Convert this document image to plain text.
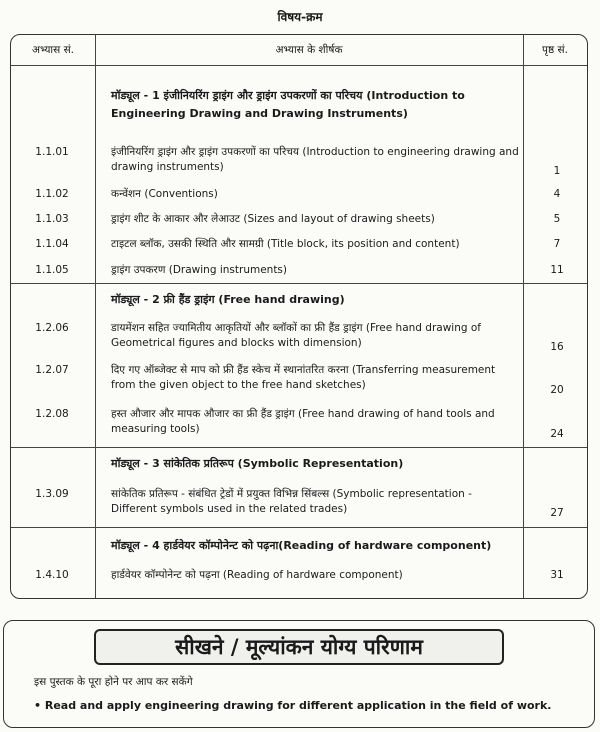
विषय-क्रम
अभ्यास सं.	अभ्यास के शीर्षक	पृष्ठ सं.
मॉड्यूल - 1 इंजीनियरिंग ड्राइंग और ड्राइंग उपकरणों का परिचय (Introduction to Engineering Drawing and Drawing Instruments)
1.1.01	इंजीनियरिंग ड्राइंग और ड्राइंग उपकरणों का परिचय (Introduction to engineering drawing and drawing instruments)	1
1.1.02	कन्वेंशन (Conventions)	4
1.1.03	ड्राइंग शीट के आकार और लेआउट (Sizes and layout of drawing sheets)	5
1.1.04	टाइटल ब्लॉक, उसकी स्थिति और सामग्री (Title block, its position and content)	7
1.1.05	ड्राइंग उपकरण (Drawing instruments)	11
मॉड्यूल - 2 फ्री हैंड ड्राइंग (Free hand drawing)
1.2.06	डायमेंशन सहित ज्यामितीय आकृतियों और ब्लॉकों का फ्री हैंड ड्राइंग (Free hand drawing of Geometrical figures and blocks with dimension)	16
1.2.07	दिए गए ऑब्जेक्ट से माप को फ्री हैंड स्केच में स्थानांतरित करना (Transferring measurement from the given object to the free hand sketches)	20
1.2.08	हस्त औजार और मापक औजार का फ्री हैंड ड्राइंग (Free hand drawing of hand tools and measuring tools)	24
मॉड्यूल - 3 सांकेतिक प्रतिरूप (Symbolic Representation)
1.3.09	सांकेतिक प्रतिरूप - संबंधित ट्रेडों में प्रयुक्त विभिन्न सिंबल्स (Symbolic representation - Different symbols used in the related trades)	27
मॉड्यूल - 4 हार्डवेयर कॉम्पोनेन्ट को पढ़ना(Reading of hardware component)
1.4.10	हार्डवेयर कॉम्पोनेन्ट को पढ़ना (Reading of hardware component)	31
सीखने / मूल्यांकन योग्य परिणाम
इस पुस्तक के पूरा होने पर आप कर सकेंगे
• Read and apply engineering drawing for different application in the field of work.
